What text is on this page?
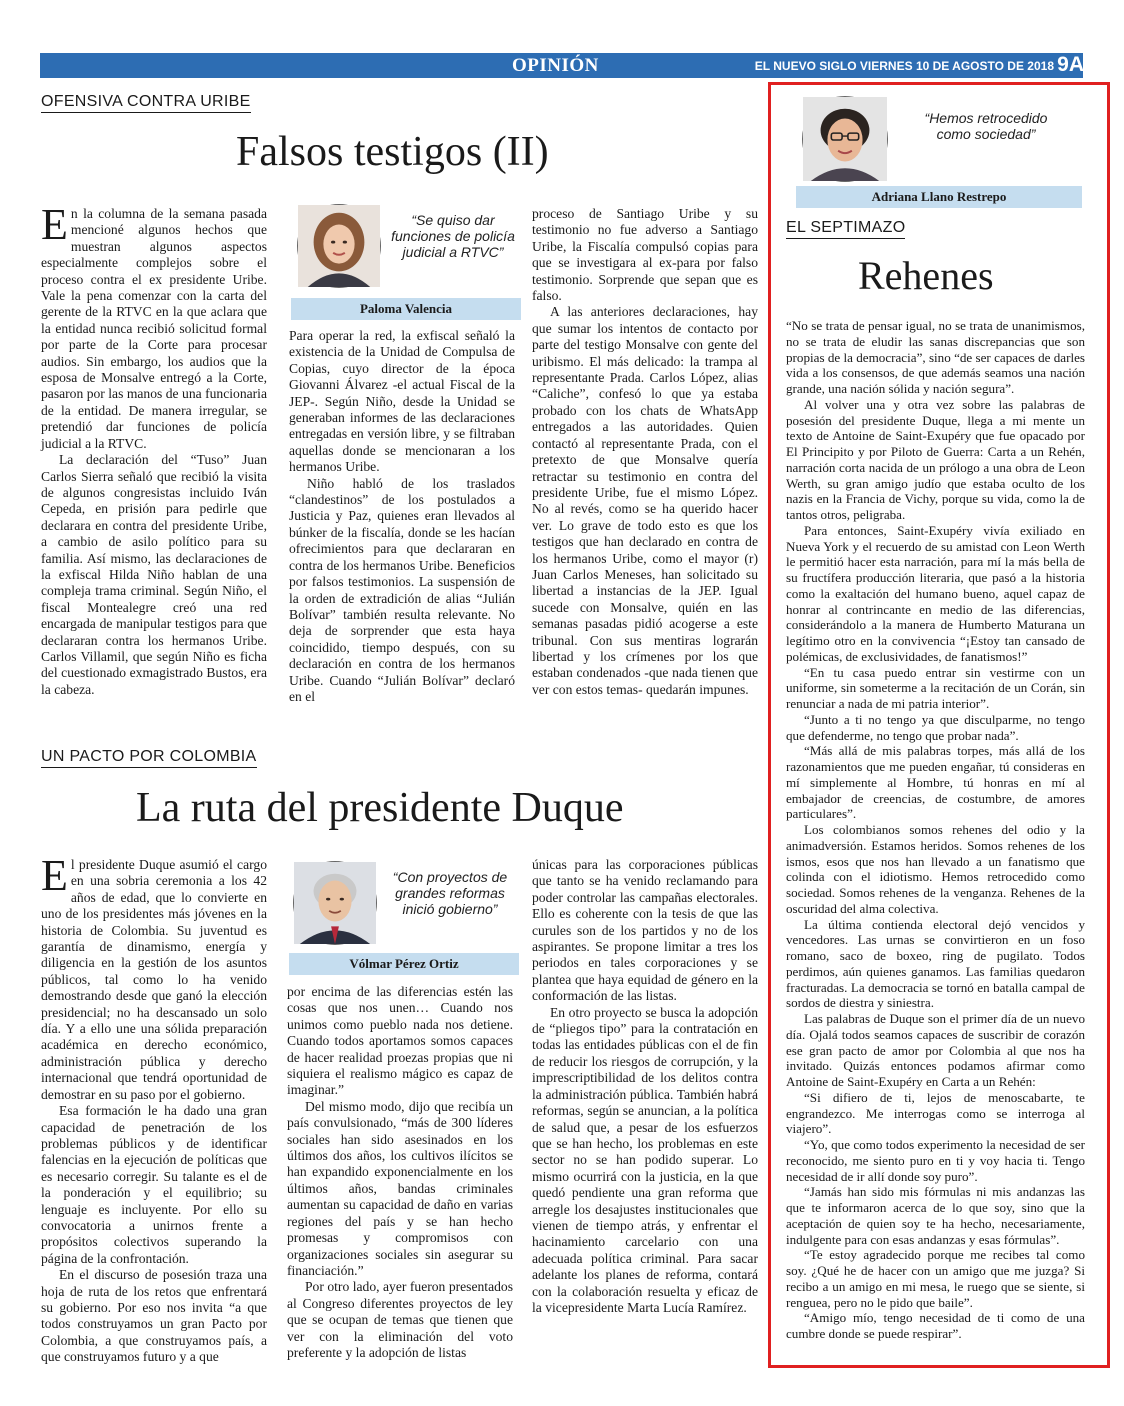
OPINIÓN	EL NUEVO SIGLO VIERNES 10 DE AGOSTO DE 2018 9A
OFENSIVA CONTRA URIBE
Falsos testigos (II)

En la columna de la semana pasada mencioné algunos hechos que muestran algunos aspectos especialmente complejos sobre el proceso contra el ex presidente Uribe. Vale la pena comenzar con la carta del gerente de la RTVC en la que aclara que la entidad nunca recibió solicitud formal por parte de la Corte para procesar audios. Sin embargo, los audios que la esposa de Monsalve entregó a la Corte, pasaron por las manos de una funcionaria de la entidad. De manera irregular, se pretendió dar funciones de policía judicial a la RTVC.

La declaración del “Tuso” Juan Carlos Sierra señaló que recibió la visita de algunos congresistas incluido Iván Cepeda, en prisión para pedirle que declarara en contra del presidente Uribe, a cambio de asilo político para su familia. Así mismo, las declaraciones de la exfiscal Hilda Niño hablan de una compleja trama criminal. Según Niño, el fiscal Montealegre creó una red encargada de manipular testigos para que declararan contra los hermanos Uribe. Carlos Villamil, que según Niño es ficha del cuestionado exmagistrado Bustos, era la cabeza.

“Se quiso dar funciones de policía judicial a RTVC”
Paloma Valencia

Para operar la red, la exfiscal señaló la existencia de la Unidad de Compulsa de Copias, cuyo director de la época Giovanni Álvarez -el actual Fiscal de la JEP-. Según Niño, desde la Unidad se generaban informes de las declaraciones entregadas en versión libre, y se filtraban aquellas donde se mencionaran a los hermanos Uribe.

Niño habló de los traslados “clandestinos” de los postulados a Justicia y Paz, quienes eran llevados al búnker de la fiscalía, donde se les hacían ofrecimientos para que declararan en contra de los hermanos Uribe. Beneficios por falsos testimonios. La suspensión de la orden de extradición de alias “Julián Bolívar” también resulta relevante. No deja de sorprender que esta haya coincidido, tiempo después, con su declaración en contra de los hermanos Uribe. Cuando “Julián Bolívar” declaró en el

proceso de Santiago Uribe y su testimonio no fue adverso a Santiago Uribe, la Fiscalía compulsó copias para que se investigara al ex-para por falso testimonio. Sorprende que sepan que es falso.

A las anteriores declaraciones, hay que sumar los intentos de contacto por parte del testigo Monsalve con gente del uribismo. El más delicado: la trampa al representante Prada. Carlos López, alias “Caliche”, confesó lo que ya estaba probado con los chats de WhatsApp entregados a las autoridades. Quien contactó al representante Prada, con el pretexto de que Monsalve quería retractar su testimonio en contra del presidente Uribe, fue el mismo López. No al revés, como se ha querido hacer ver. Lo grave de todo esto es que los testigos que han declarado en contra de los hermanos Uribe, como el mayor (r) Juan Carlos Meneses, han solicitado su libertad a instancias de la JEP. Igual sucede con Monsalve, quién en las semanas pasadas pidió acogerse a este tribunal. Con sus mentiras lograrán libertad y los crímenes por los que estaban condenados -que nada tienen que ver con estos temas- quedarán impunes.

UN PACTO POR COLOMBIA
La ruta del presidente Duque

El presidente Duque asumió el cargo en una sobria ceremonia a los 42 años de edad, que lo convierte en uno de los presidentes más jóvenes en la historia de Colombia. Su juventud es garantía de dinamismo, energía y diligencia en la gestión de los asuntos públicos, tal como lo ha venido demostrando desde que ganó la elección presidencial; no ha descansado un solo día. Y a ello une una sólida preparación académica en derecho económico, administración pública y derecho internacional que tendrá oportunidad de demostrar en su paso por el gobierno.

Esa formación le ha dado una gran capacidad de penetración de los problemas públicos y de identificar falencias en la ejecución de políticas que es necesario corregir. Su talante es el de la ponderación y el equilibrio; su lenguaje es incluyente. Por ello su convocatoria a unirnos frente a propósitos colectivos superando la página de la confrontación.

En el discurso de posesión traza una hoja de ruta de los retos que enfrentará su gobierno. Por eso nos invita “a que todos construyamos un gran Pacto por Colombia, a que construyamos país, a que construyamos futuro y a que

“Con proyectos de grandes reformas inició gobierno”
Vólmar Pérez Ortiz

por encima de las diferencias estén las cosas que nos unen… Cuando nos unimos como pueblo nada nos detiene. Cuando todos aportamos somos capaces de hacer realidad proezas propias que ni siquiera el realismo mágico es capaz de imaginar.”

Del mismo modo, dijo que recibía un país convulsionado, “más de 300 líderes sociales han sido asesinados en los últimos dos años, los cultivos ilícitos se han expandido exponencialmente en los últimos años, bandas criminales aumentan su capacidad de daño en varias regiones del país y se han hecho promesas y compromisos con organizaciones sociales sin asegurar su financiación.”

Por otro lado, ayer fueron presentados al Congreso diferentes proyectos de ley que se ocupan de temas que tienen que ver con la eliminación del voto preferente y la adopción de listas

únicas para las corporaciones públicas que tanto se ha venido reclamando para poder controlar las campañas electorales. Ello es coherente con la tesis de que las curules son de los partidos y no de los aspirantes. Se propone limitar a tres los periodos en tales corporaciones y se plantea que haya equidad de género en la conformación de las listas.

En otro proyecto se busca la adopción de “pliegos tipo” para la contratación en todas las entidades públicas con el de fin de reducir los riesgos de corrupción, y la imprescriptibilidad de los delitos contra la administración pública. También habrá reformas, según se anuncian, a la política de salud que, a pesar de los esfuerzos que se han hecho, los problemas en este sector no se han podido superar. Lo mismo ocurrirá con la justicia, en la que quedó pendiente una gran reforma que arregle los desajustes institucionales que vienen de tiempo atrás, y enfrentar el hacinamiento carcelario con una adecuada política criminal. Para sacar adelante los planes de reforma, contará con la colaboración resuelta y eficaz de la vicepresidente Marta Lucía Ramírez.

“Hemos retrocedido como sociedad”
Adriana Llano Restrepo
EL SEPTIMAZO
Rehenes

“No se trata de pensar igual, no se trata de unanimismos, no se trata de eludir las sanas discrepancias que son propias de la democracia”, sino “de ser capaces de darles vida a los consensos, de que además seamos una nación grande, una nación sólida y nación segura”.

Al volver una y otra vez sobre las palabras de posesión del presidente Duque, llega a mi mente un texto de Antoine de Saint-Exupéry que fue opacado por El Principito y por Piloto de Guerra: Carta a un Rehén, narración corta nacida de un prólogo a una obra de Leon Werth, su gran amigo judío que estaba oculto de los nazis en la Francia de Vichy, porque su vida, como la de tantos otros, peligraba.

Para entonces, Saint-Exupéry vivía exiliado en Nueva York y el recuerdo de su amistad con Leon Werth le permitió hacer esta narración, para mí la más bella de su fructífera producción literaria, que pasó a la historia como la exaltación del humano bueno, aquel capaz de honrar al contrincante en medio de las diferencias, considerándolo a la manera de Humberto Maturana un legítimo otro en la convivencia “¡Estoy tan cansado de polémicas, de exclusividades, de fanatismos!”

“En tu casa puedo entrar sin vestirme con un uniforme, sin someterme a la recitación de un Corán, sin renunciar a nada de mi patria interior”.

“Junto a ti no tengo ya que disculparme, no tengo que defenderme, no tengo que probar nada”.

“Más allá de mis palabras torpes, más allá de los razonamientos que me pueden engañar, tú consideras en mí simplemente al Hombre, tú honras en mí al embajador de creencias, de costumbre, de amores particulares”.

Los colombianos somos rehenes del odio y la animadversión. Estamos heridos. Somos rehenes de los ismos, esos que nos han llevado a un fanatismo que colinda con el idiotismo. Hemos retrocedido como sociedad. Somos rehenes de la venganza. Rehenes de la oscuridad del alma colectiva.

La última contienda electoral dejó vencidos y vencedores. Las urnas se convirtieron en un foso romano, saco de boxeo, ring de pugilato. Todos perdimos, aún quienes ganamos. Las familias quedaron fracturadas. La democracia se tornó en batalla campal de sordos de diestra y siniestra.

Las palabras de Duque son el primer día de un nuevo día. Ojalá todos seamos capaces de suscribir de corazón ese gran pacto de amor por Colombia al que nos ha invitado. Quizás entonces podamos afirmar como Antoine de Saint-Exupéry en Carta a un Rehén:

“Si difiero de ti, lejos de menoscabarte, te engrandezco. Me interrogas como se interroga al viajero”.

“Yo, que como todos experimento la necesidad de ser reconocido, me siento puro en ti y voy hacia ti. Tengo necesidad de ir allí donde soy puro”.

“Jamás han sido mis fórmulas ni mis andanzas las que te informaron acerca de lo que soy, sino que la aceptación de quien soy te ha hecho, necesariamente, indulgente para con esas andanzas y esas fórmulas”.

“Te estoy agradecido porque me recibes tal como soy. ¿Qué he de hacer con un amigo que me juzga? Si recibo a un amigo en mi mesa, le ruego que se siente, si renguea, pero no le pido que baile”.

“Amigo mío, tengo necesidad de ti como de una cumbre donde se puede respirar”.
